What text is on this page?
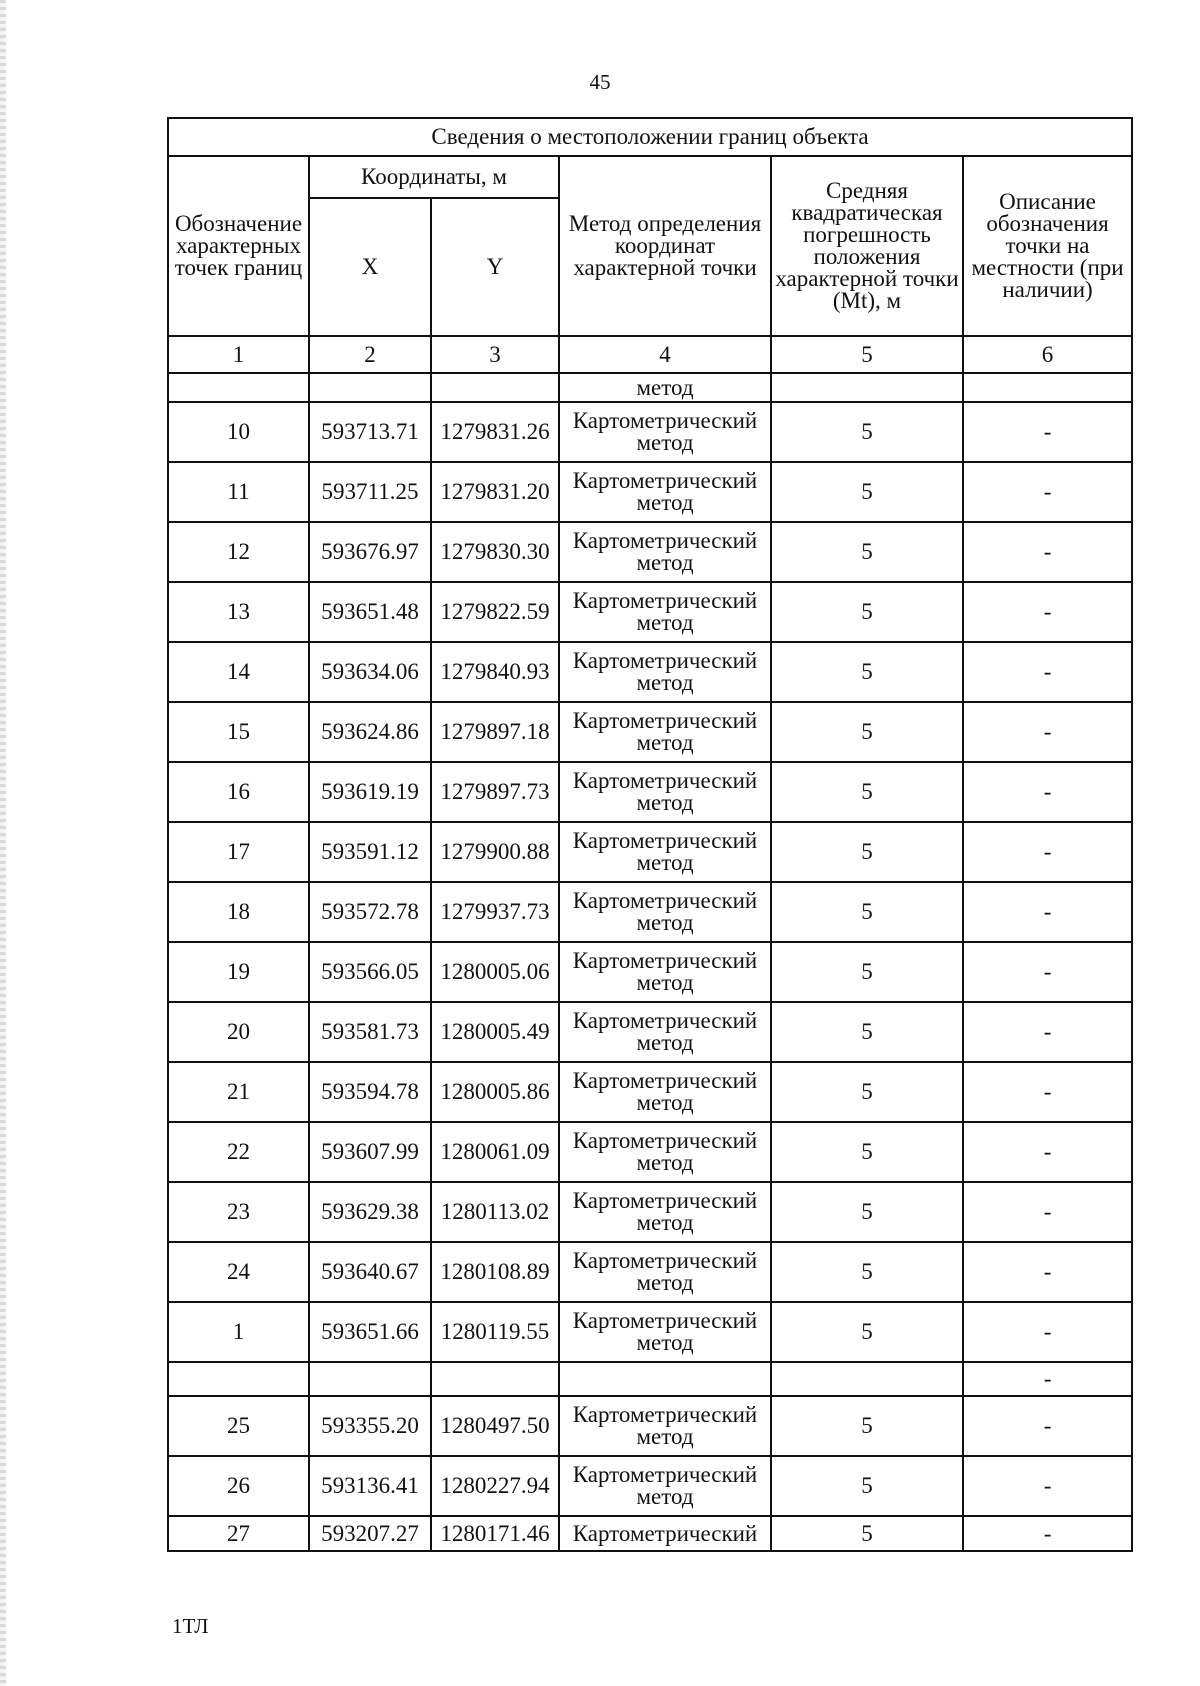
45
Сведения о местоположении границ объекта					
Обозначение характерных точек границ	Координаты, м		Метод определения координат характерной точки	Средняя квадратическая погрешность положения характерной точки (Mt), м	Описание обозначения точки на местности (при наличии)
	X	Y			
1	2	3	4	5	6
			метод		
10	593713.71	1279831.26	Картометрический метод	5	-
11	593711.25	1279831.20	Картометрический метод	5	-
12	593676.97	1279830.30	Картометрический метод	5	-
13	593651.48	1279822.59	Картометрический метод	5	-
14	593634.06	1279840.93	Картометрический метод	5	-
15	593624.86	1279897.18	Картометрический метод	5	-
16	593619.19	1279897.73	Картометрический метод	5	-
17	593591.12	1279900.88	Картометрический метод	5	-
18	593572.78	1279937.73	Картометрический метод	5	-
19	593566.05	1280005.06	Картометрический метод	5	-
20	593581.73	1280005.49	Картометрический метод	5	-
21	593594.78	1280005.86	Картометрический метод	5	-
22	593607.99	1280061.09	Картометрический метод	5	-
23	593629.38	1280113.02	Картометрический метод	5	-
24	593640.67	1280108.89	Картометрический метод	5	-
1	593651.66	1280119.55	Картометрический метод	5	-
					-
25	593355.20	1280497.50	Картометрический метод	5	-
26	593136.41	1280227.94	Картометрический метод	5	-
27	593207.27	1280171.46	Картометрический	5	-
1ТЛ
